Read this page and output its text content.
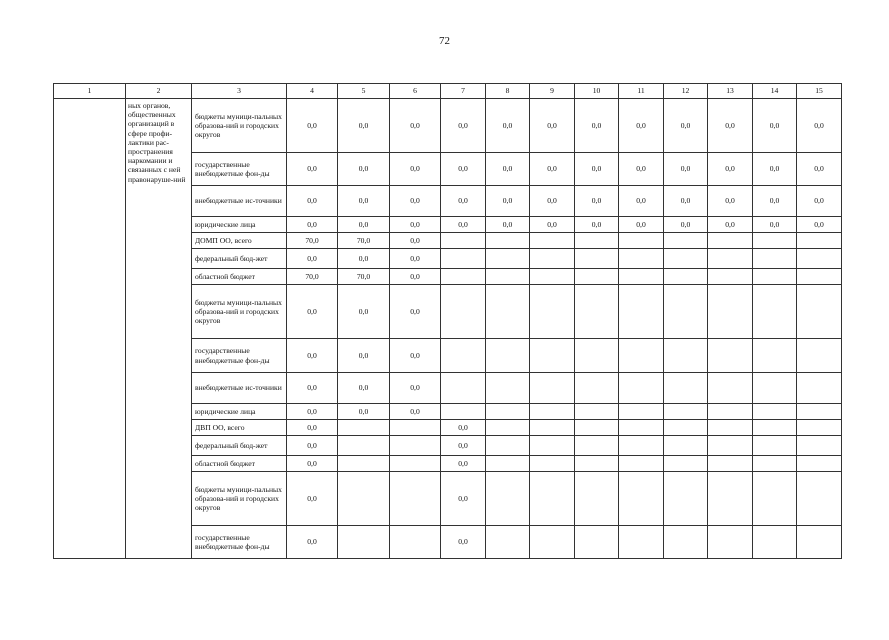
72
1	2	3	4	5	6	7	8	9	10	11	12	13	14	15
	ных органов, общественных организаций в сфере профи-лактики рас-пространения наркомании и связанных с ней правонаруше-ний	бюджеты муници-пальных образова-ний и городских округов	0,0	0,0	0,0	0,0	0,0	0,0	0,0	0,0	0,0	0,0	0,0	0,0
		государственные внебюджетные фон-ды	0,0	0,0	0,0	0,0	0,0	0,0	0,0	0,0	0,0	0,0	0,0	0,0
		внебюджетные ис-точники	0,0	0,0	0,0	0,0	0,0	0,0	0,0	0,0	0,0	0,0	0,0	0,0
		юридические лица	0,0	0,0	0,0	0,0	0,0	0,0	0,0	0,0	0,0	0,0	0,0	0,0
		ДОМП ОО, всего	70,0	70,0	0,0									
		федеральный бюд-жет	0,0	0,0	0,0									
		областной бюджет	70,0	70,0	0,0									
		бюджеты муници-пальных образова-ний и городских округов	0,0	0,0	0,0									
		государственные внебюджетные фон-ды	0,0	0,0	0,0									
		внебюджетные ис-точники	0,0	0,0	0,0									
		юридические лица	0,0	0,0	0,0									
		ДВП ОО, всего	0,0			0,0								
		федеральный бюд-жет	0,0			0,0								
		областной бюджет	0,0			0,0								
		бюджеты муници-пальных образова-ний и городских округов	0,0			0,0								
		государственные внебюджетные фон-ды	0,0			0,0								
